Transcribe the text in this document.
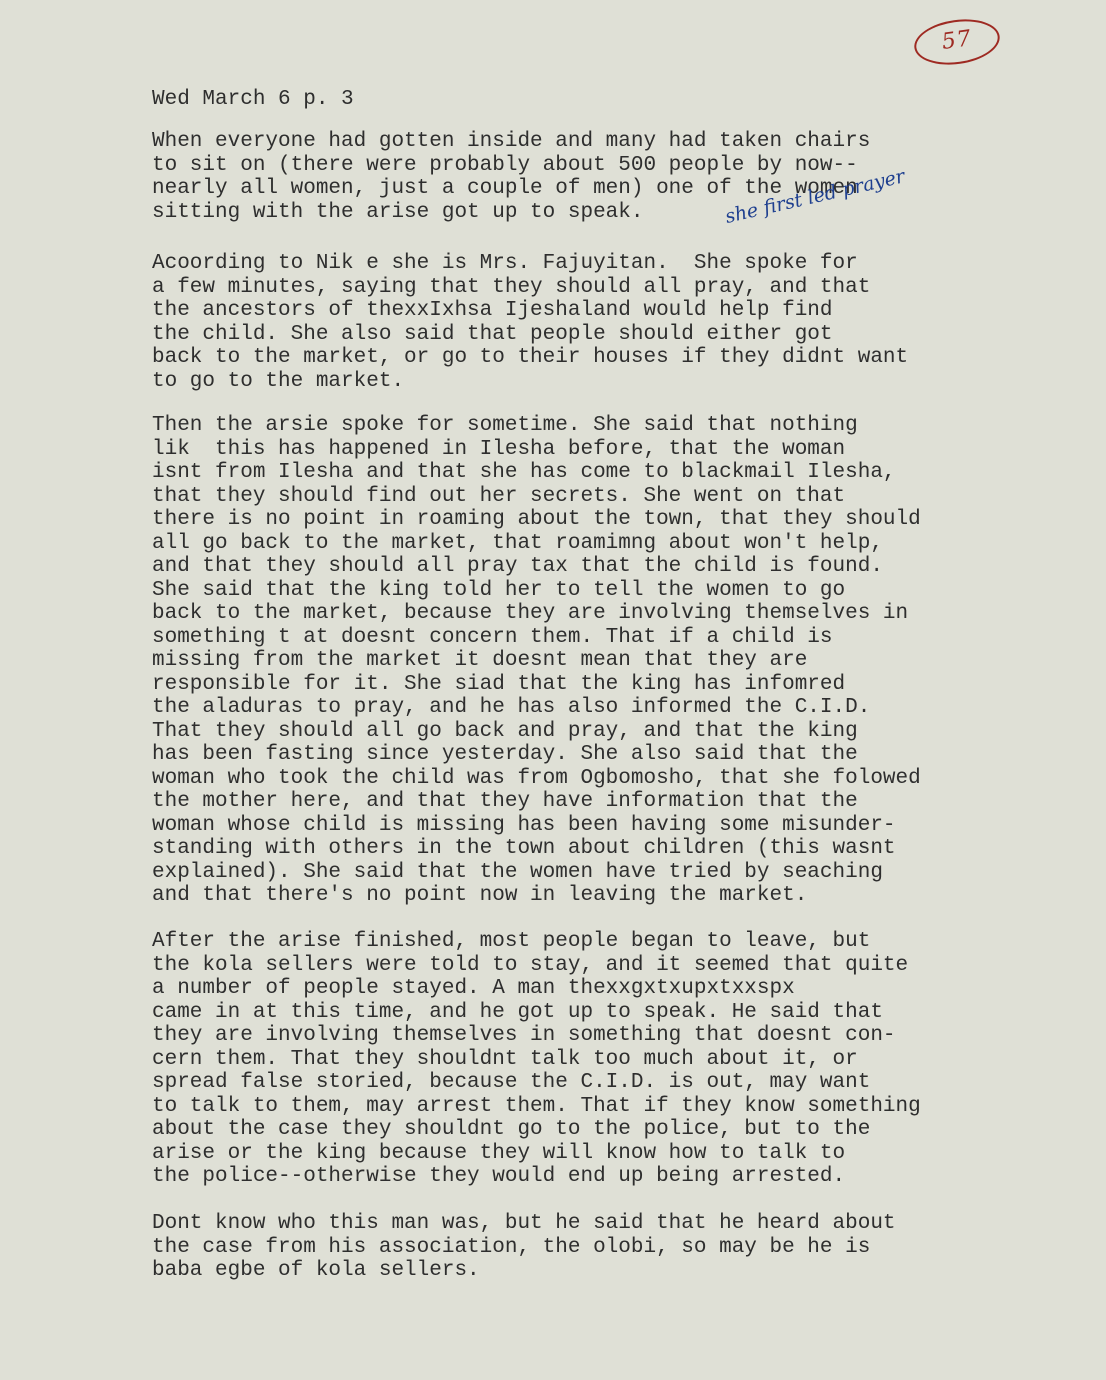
57
Wed March 6 p. 3

When everyone had gotten inside and many had taken chairs
to sit on (there were probably about 500 people by now--
nearly all women, just a couple of men) one of the women
sitting with the arise got up to speak.	she first led prayer

Acoording to Nik e she is Mrs. Fajuyitan.  She spoke for
a few minutes, saying that they should all pray, and that
the ancestors of thexxIxhsa Ijeshaland would help find
the child. She also said that people should either got
back to the market, or go to their houses if they didnt want
to go to the market.

Then the arsie spoke for sometime. She said that nothing
lik  this has happened in Ilesha before, that the woman
isnt from Ilesha and that she has come to blackmail Ilesha,
that they should find out her secrets. She went on that
there is no point in roaming about the town, that they should
all go back to the market, that roamimng about won't help,
and that they should all pray tax that the child is found.
She said that the king told her to tell the women to go
back to the market, because they are involving themselves in
something t at doesnt concern them. That if a child is
missing from the market it doesnt mean that they are
responsible for it. She siad that the king has infomred
the aladuras to pray, and he has also informed the C.I.D.
That they should all go back and pray, and that the king
has been fasting since yesterday. She also said that the
woman who took the child was from Ogbomosho, that she folowed
the mother here, and that they have information that the
woman whose child is missing has been having some misunder-
standing with others in the town about children (this wasnt
explained). She said that the women have tried by seaching
and that there's no point now in leaving the market.

After the arise finished, most people began to leave, but
the kola sellers were told to stay, and it seemed that quite
a number of people stayed. A man thexxgxtxupxtxxspx
came in at this time, and he got up to speak. He said that
they are involving themselves in something that doesnt con-
cern them. That they shouldnt talk too much about it, or
spread false storied, because the C.I.D. is out, may want
to talk to them, may arrest them. That if they know something
about the case they shouldnt go to the police, but to the
arise or the king because they will know how to talk to
the police--otherwise they would end up being arrested.

Dont know who this man was, but he said that he heard about
the case from his association, the olobi, so may be he is
baba egbe of kola sellers.
